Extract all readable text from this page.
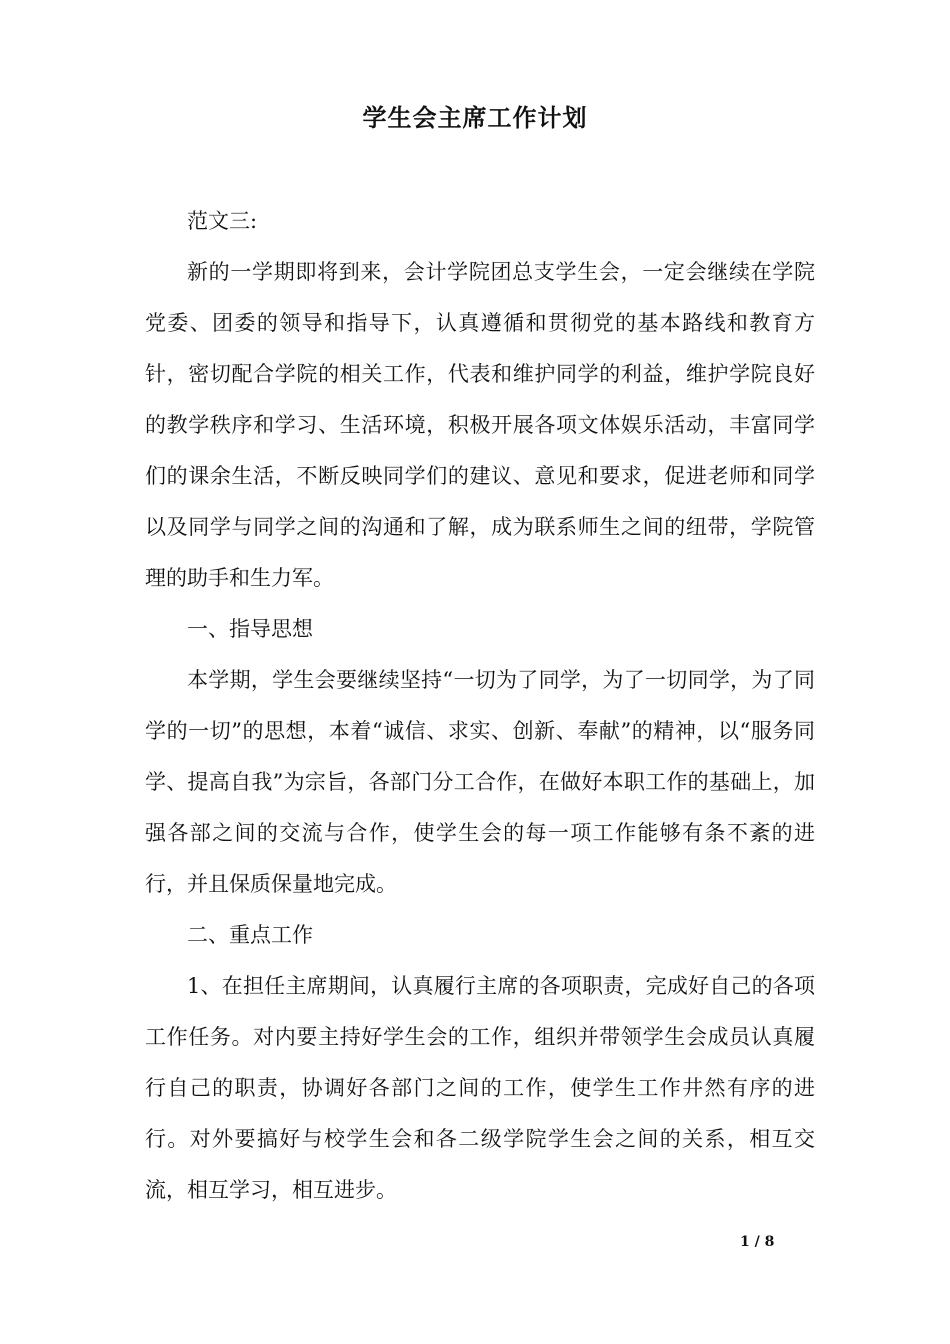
学生会主席工作计划

范文三:

新的一学期即将到来，会计学院团总支学生会，一定会继续在学院党委、团委的领导和指导下，认真遵循和贯彻党的基本路线和教育方针，密切配合学院的相关工作，代表和维护同学的利益，维护学院良好的教学秩序和学习、生活环境，积极开展各项文体娱乐活动，丰富同学们的课余生活，不断反映同学们的建议、意见和要求，促进老师和同学以及同学与同学之间的沟通和了解，成为联系师生之间的纽带，学院管理的助手和生力军。

一、指导思想

本学期，学生会要继续坚持“一切为了同学，为了一切同学，为了同学的一切”的思想，本着“诚信、求实、创新、奉献”的精神，以“服务同学、提高自我”为宗旨，各部门分工合作，在做好本职工作的基础上，加强各部之间的交流与合作，使学生会的每一项工作能够有条不紊的进行，并且保质保量地完成。

二、重点工作

1、在担任主席期间，认真履行主席的各项职责，完成好自己的各项工作任务。对内要主持好学生会的工作，组织并带领学生会成员认真履行自己的职责，协调好各部门之间的工作，使学生工作井然有序的进行。对外要搞好与校学生会和各二级学院学生会之间的关系，相互交流，相互学习，相互进步。

1 / 8
